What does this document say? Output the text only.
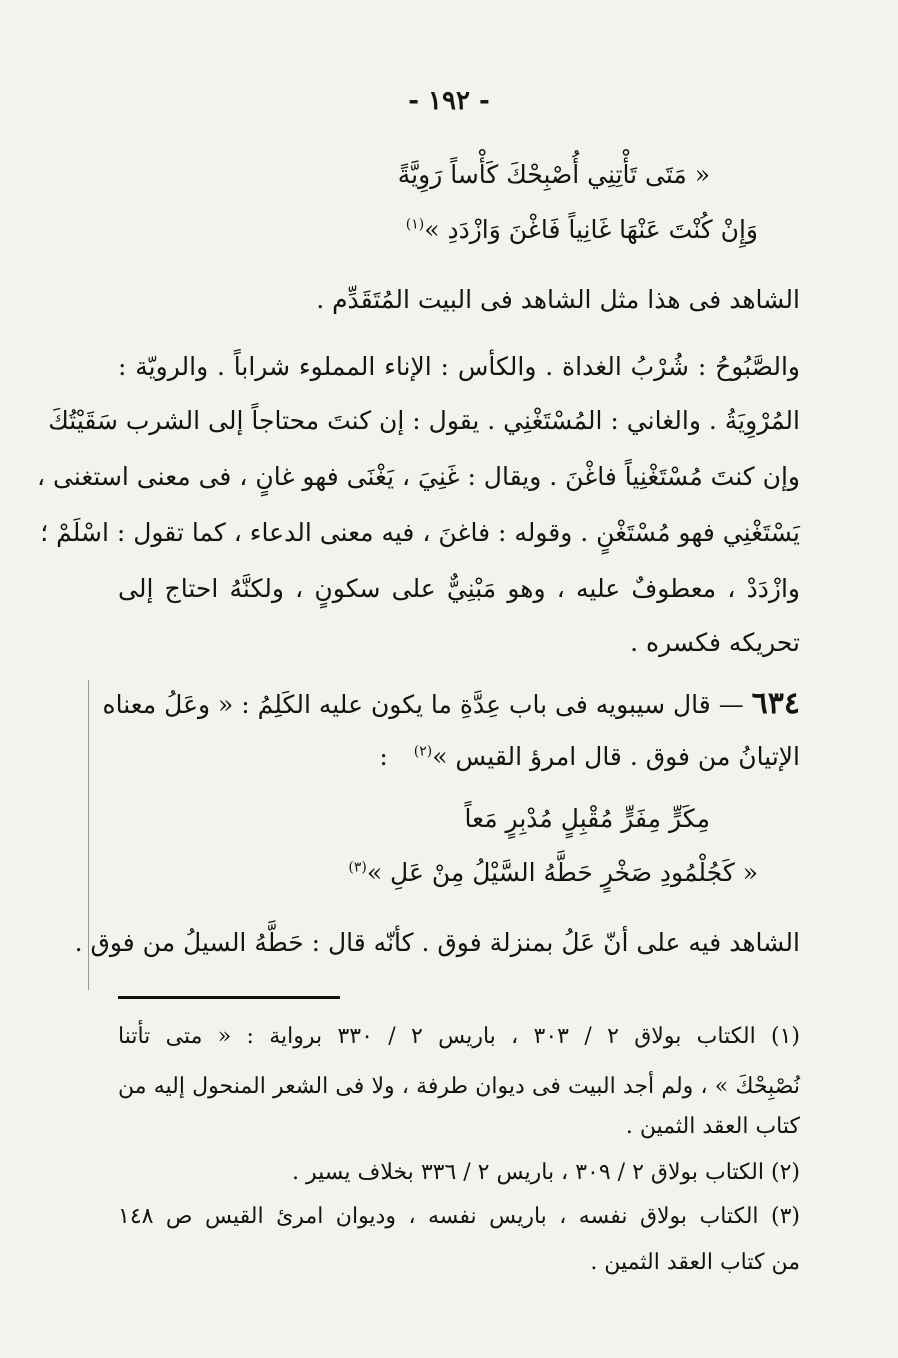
- ١٩٢ -
« مَتَى تَأْتِنِي أُصْبِحْكَ كَأْساً رَوِيَّةً
وَإِنْ كُنْتَ عَنْهَا غَانِياً فَاغْنَ وَازْدَدِ »$^{(١)}$
الشاهد فى هذا مثل الشاهد فى البيت المُتَقَدِّم .
والصَّبُوحُ : شُرْبُ الغداة . والكأس : الإناء المملوء شراباً . والرويّة :
المُرْوِيَةُ . والغاني : المُسْتَغْنِي . يقول : إن كنتَ محتاجاً إلى الشرب سَقَيْتُكَ
وإن كنتَ مُسْتَغْنِياً فاغْنَ . ويقال : غَنِيَ ، يَغْنَى فهو غانٍ ، فى معنى استغنى ،
يَسْتَغْنِي فهو مُسْتَغْنٍ . وقوله : فاغنَ ، فيه معنى الدعاء ، كما تقول : اسْلَمْ ؛
وازْدَدْ ، معطوفٌ عليه ، وهو مَبْنِيٌّ على سكونٍ ، ولكنَّهُ احتاج إلى
تحريكه فكسره .
٦٣٤ — قال سيبويه فى باب عِدَّةِ ما يكون عليه الكَلِمُ : « وعَلُ معناه
الإتيانُ من فوق . قال امرؤ القيس »$^{(٢)}$ :
مِكَرٍّ مِفَرٍّ مُقْبِلٍ مُدْبِرٍ مَعاً
« كَجُلْمُودِ صَخْرٍ حَطَّهُ السَّيْلُ مِنْ عَلِ »$^{(٣)}$
الشاهد فيه على أنّ عَلُ بمنزلة فوق . كأنّه قال : حَطَّهُ السيلُ من فوق .
(١) الكتاب بولاق ٢ / ٣٠٣ ، باريس ٢ / ٣٣٠ برواية : « متى تأتنا
نُصْبِحْكَ » ، ولم أجد البيت فى ديوان طرفة ، ولا فى الشعر المنحول إليه من
كتاب العقد الثمين .
(٢) الكتاب بولاق ٢ / ٣٠٩ ، باريس ٢ / ٣٣٦ بخلاف يسير .
(٣) الكتاب بولاق نفسه ، باريس نفسه ، وديوان امرئ القيس ص ١٤٨
من كتاب العقد الثمين .
